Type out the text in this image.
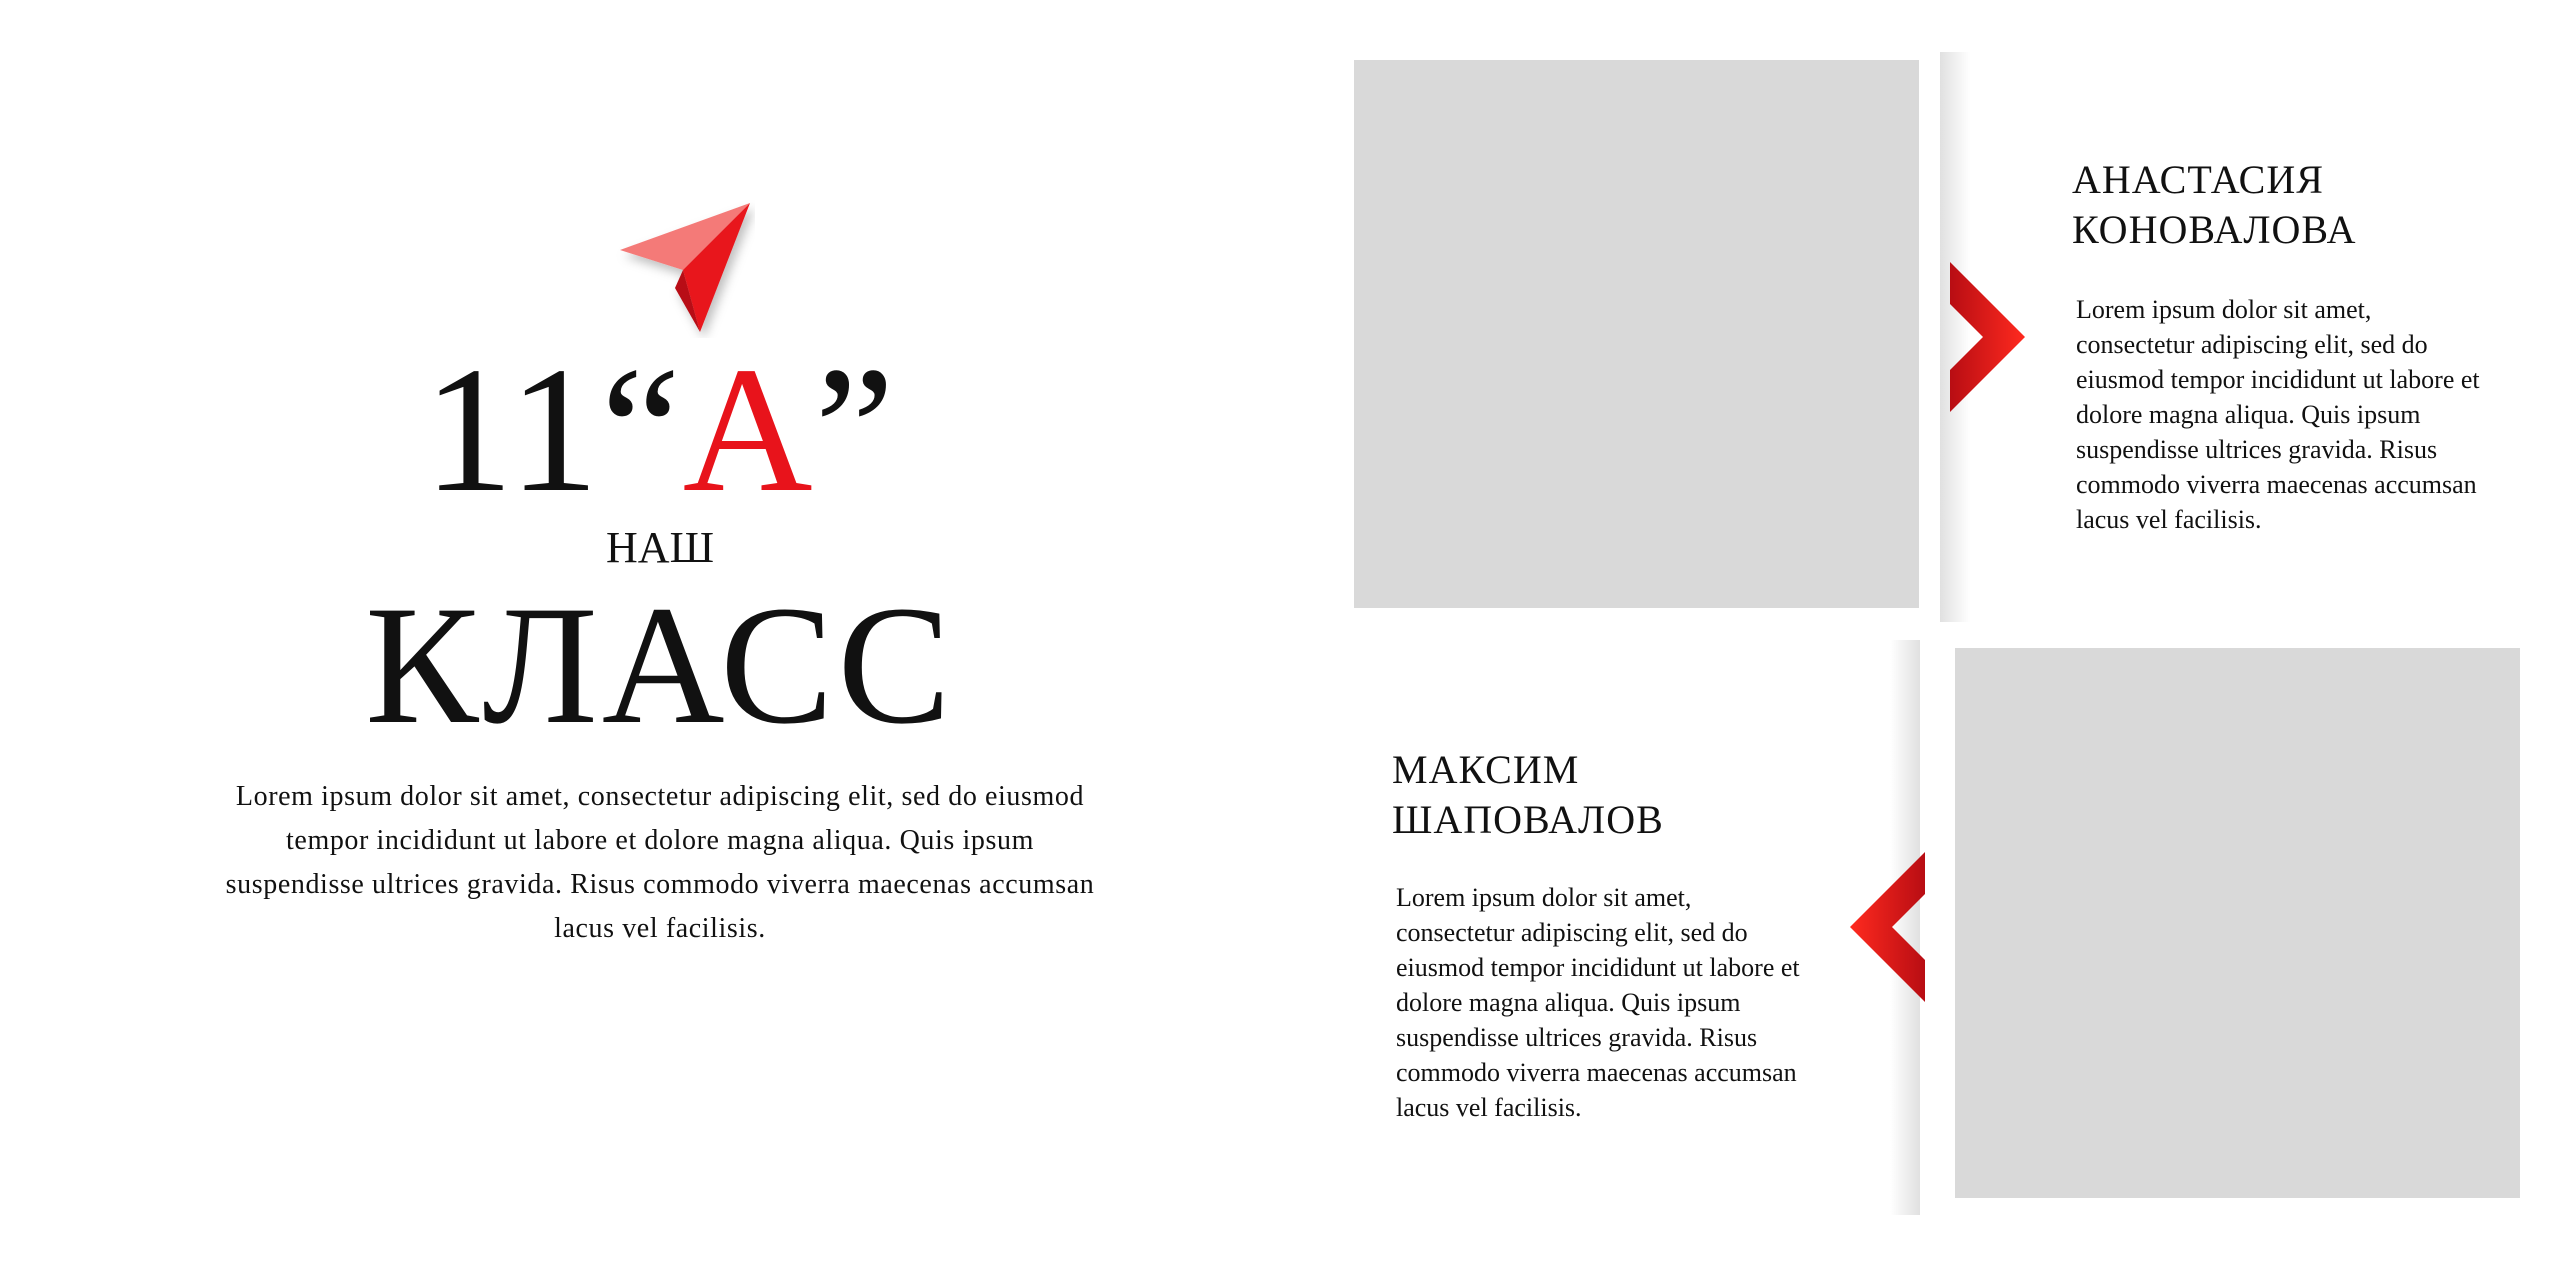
11“А”
НАШ
КЛАСС

Lorem ipsum dolor sit amet, consectetur adipiscing elit, sed do eiusmod tempor incididunt ut labore et dolore magna aliqua. Quis ipsum suspendisse ultrices gravida. Risus commodo viverra maecenas accumsan lacus vel facilisis.

АНАСТАСИЯ
КОНОВАЛОВА

Lorem ipsum dolor sit amet, consectetur adipiscing elit, sed do eiusmod tempor incididunt ut labore et dolore magna aliqua. Quis ipsum suspendisse ultrices gravida. Risus commodo viverra maecenas accumsan lacus vel facilisis.

МАКСИМ
ШАПОВАЛОВ

Lorem ipsum dolor sit amet, consectetur adipiscing elit, sed do eiusmod tempor incididunt ut labore et dolore magna aliqua. Quis ipsum suspendisse ultrices gravida. Risus commodo viverra maecenas accumsan lacus vel facilisis.
